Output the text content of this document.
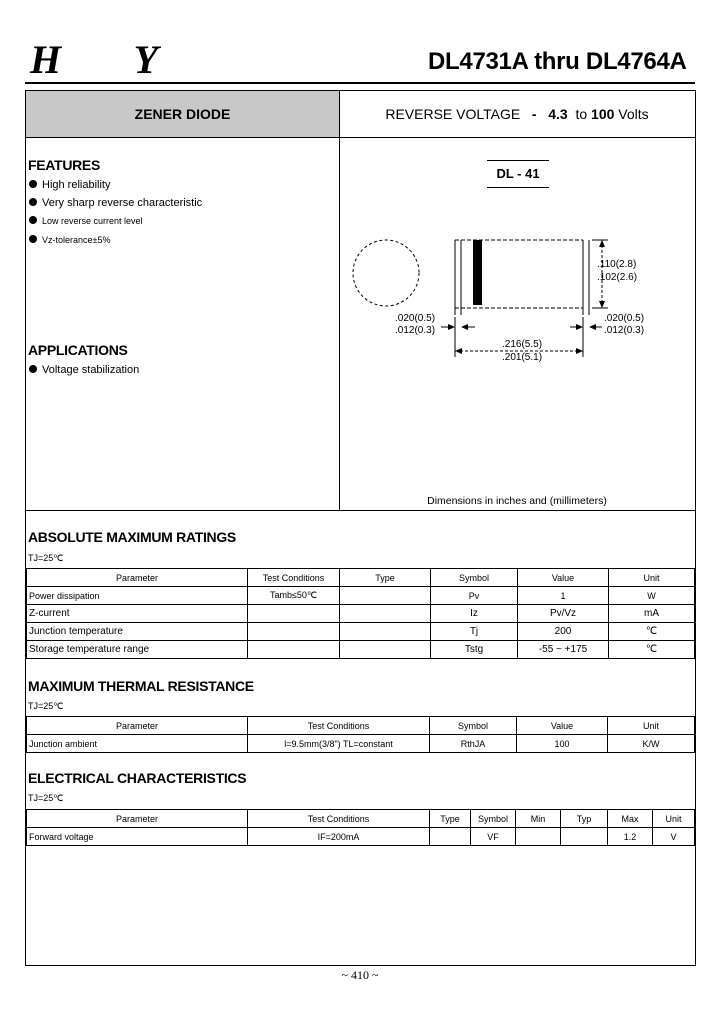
HY	DL4731A thru DL4764A
ZENER DIODE	REVERSE VOLTAGE - 4.3 to 100 Volts
FEATURES
High reliability
Very sharp reverse characteristic
Low reverse current level
Vz-tolerance±5%
APPLICATIONS
Voltage stabilization
DL - 41
.110(2.8)
.102(2.6)
.020(0.5)
.012(0.3)
.020(0.5)
.012(0.3)
.216(5.5)
.201(5.1)
Dimensions in inches and (millimeters)
ABSOLUTE MAXIMUM RATINGS
TJ=25℃
Parameter	Test Conditions	Type	Symbol	Value	Unit
Power dissipation	Tamb≤50℃		Pv	1	W
Z-current			Iz	Pv/Vz	mA
Junction temperature			Tj	200	℃
Storage temperature range			Tstg	-55 ~ +175	℃
MAXIMUM THERMAL RESISTANCE
TJ=25℃
Parameter	Test Conditions	Symbol	Value	Unit
Junction ambient	l=9.5mm(3/8") TL=constant	RthJA	100	K/W
ELECTRICAL CHARACTERISTICS
TJ=25℃
Parameter	Test Conditions	Type	Symbol	Min	Typ	Max	Unit
Forward voltage	IF=200mA		VF			1.2	V
~ 410 ~
